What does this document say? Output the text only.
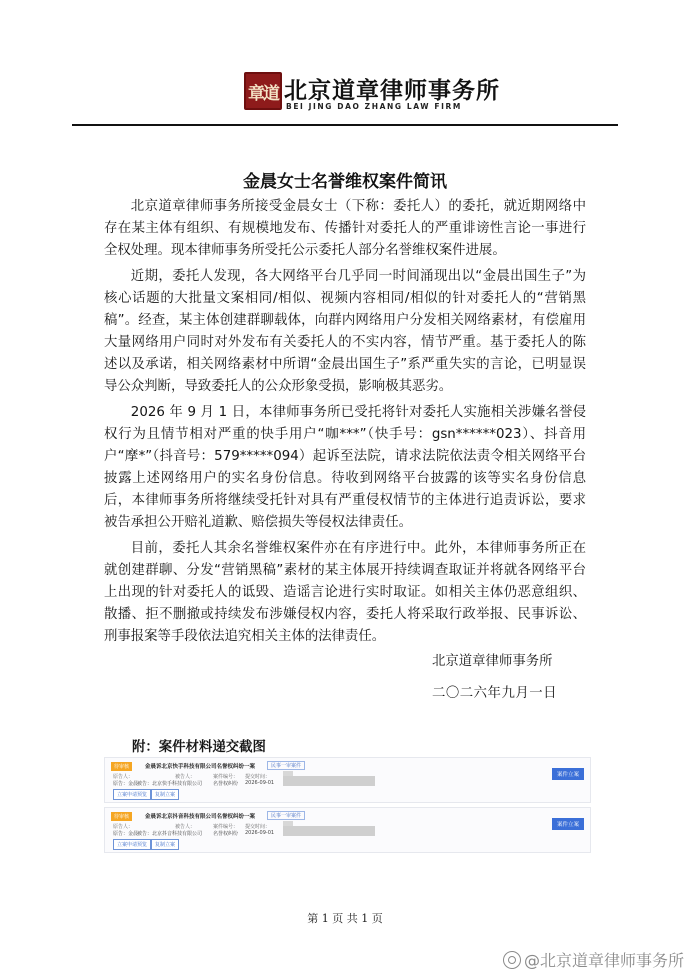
章道 北京道章律师事务所
BEI JING DAO ZHANG LAW FIRM
金晨女士名誉维权案件简讯

北京道章律师事务所接受金晨女士（下称：委托人）的委托，就近期网络中存在某主体有组织、有规模地发布、传播针对委托人的严重诽谤性言论一事进行全权处理。现本律师事务所受托公示委托人部分名誉维权案件进展。

近期，委托人发现，各大网络平台几乎同一时间涌现出以“金晨出国生子”为核心话题的大批量文案相同/相似、视频内容相同/相似的针对委托人的“营销黑稿”。经查，某主体创建群聊载体，向群内网络用户分发相关网络素材，有偿雇用大量网络用户同时对外发布有关委托人的不实内容，情节严重。基于委托人的陈述以及承诺，相关网络素材中所谓“金晨出国生子”系严重失实的言论，已明显误导公众判断，导致委托人的公众形象受损，影响极其恶劣。

2026 年 9 月 1 日，本律师事务所已受托将针对委托人实施相关涉嫌名誉侵权行为且情节相对严重的快手用户“咖***”（快手号：gsn******023）、抖音用户“摩*”（抖音号：579*****094）起诉至法院，请求法院依法责令相关网络平台披露上述网络用户的实名身份信息。待收到网络平台披露的该等实名身份信息后，本律师事务所将继续受托针对具有严重侵权情节的主体进行追责诉讼，要求被告承担公开赔礼道歉、赔偿损失等侵权法律责任。

目前，委托人其余名誉维权案件亦在有序进行中。此外，本律师事务所正在就创建群聊、分发“营销黑稿”素材的某主体展开持续调查取证并将就各网络平台上出现的针对委托人的诋毁、造谣言论进行实时取证。如相关主体仍恶意组织、散播、拒不删撤或持续发布涉嫌侵权内容，委托人将采取行政举报、民事诉讼、刑事报案等手段依法追究相关主体的法律责任。

北京道章律师事务所
二〇二六年九月一日
附：案件材料递交截图
待审核	金晨诉北京快手科技有限公司名誉权纠纷一案	民事一审案件
原告人：	被告人：	案件编号： 提交时间：
原告：金晨
被告：北京快手科技有限公司 名誉权纠纷 2026-09-01
立案申请预览	复制立案
案件立案
待审核	金晨诉北京抖音科技有限公司名誉权纠纷一案	民事一审案件
原告人：	被告人：	案件编号： 提交时间：
原告：金晨
被告：北京抖音科技有限公司 名誉权纠纷 2026-09-01
立案申请预览	复制立案
案件立案
第 1 页 共 1 页
@北京道章律师事务所
